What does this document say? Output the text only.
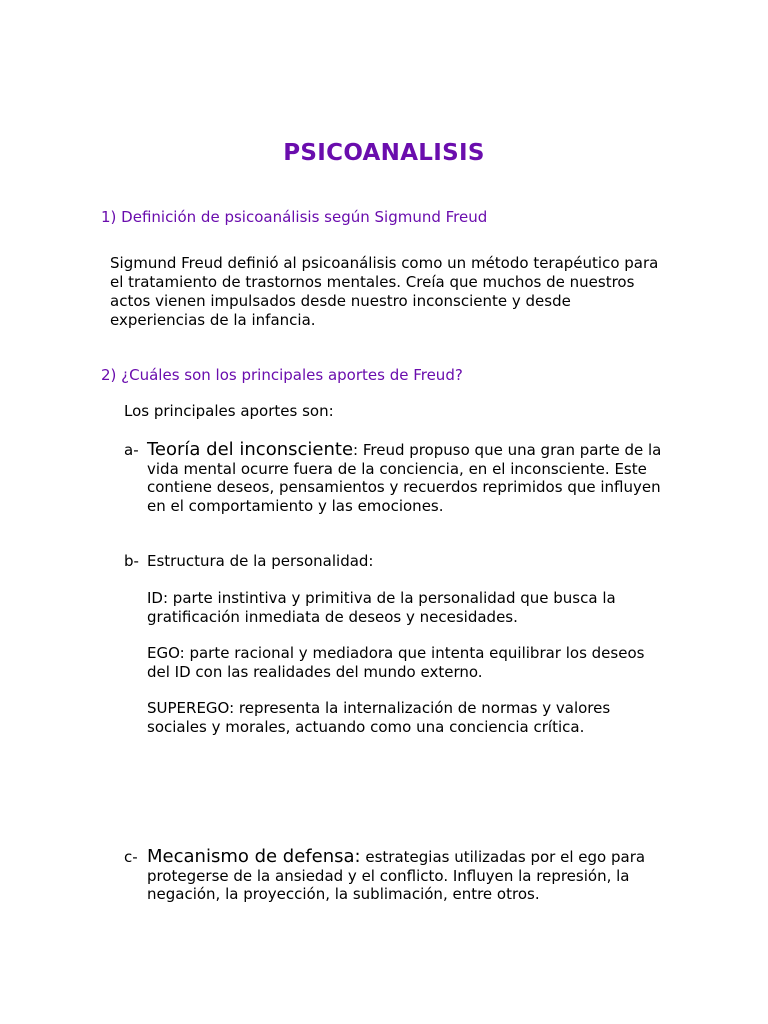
PSICOANALISIS
1) Definición de psicoanálisis según Sigmund Freud
Sigmund Freud definió al psicoanálisis como un método terapéutico para el tratamiento de trastornos mentales. Creía que muchos de nuestros actos vienen impulsados desde nuestro inconsciente y desde experiencias de la infancia.
2) ¿Cuáles son los principales aportes de Freud?
Los principales aportes son:
a- Teoría del inconsciente: Freud propuso que una gran parte de la vida mental ocurre fuera de la conciencia, en el inconsciente. Este contiene deseos, pensamientos y recuerdos reprimidos que influyen en el comportamiento y las emociones.
b- Estructura de la personalidad:
ID: parte instintiva y primitiva de la personalidad que busca la gratificación inmediata de deseos y necesidades.
EGO: parte racional y mediadora que intenta equilibrar los deseos del ID con las realidades del mundo externo.
SUPEREGO: representa la internalización de normas y valores sociales y morales, actuando como una conciencia crítica.
c- Mecanismo de defensa: estrategias utilizadas por el ego para protegerse de la ansiedad y el conflicto. Influyen la represión, la negación, la proyección, la sublimación, entre otros.
